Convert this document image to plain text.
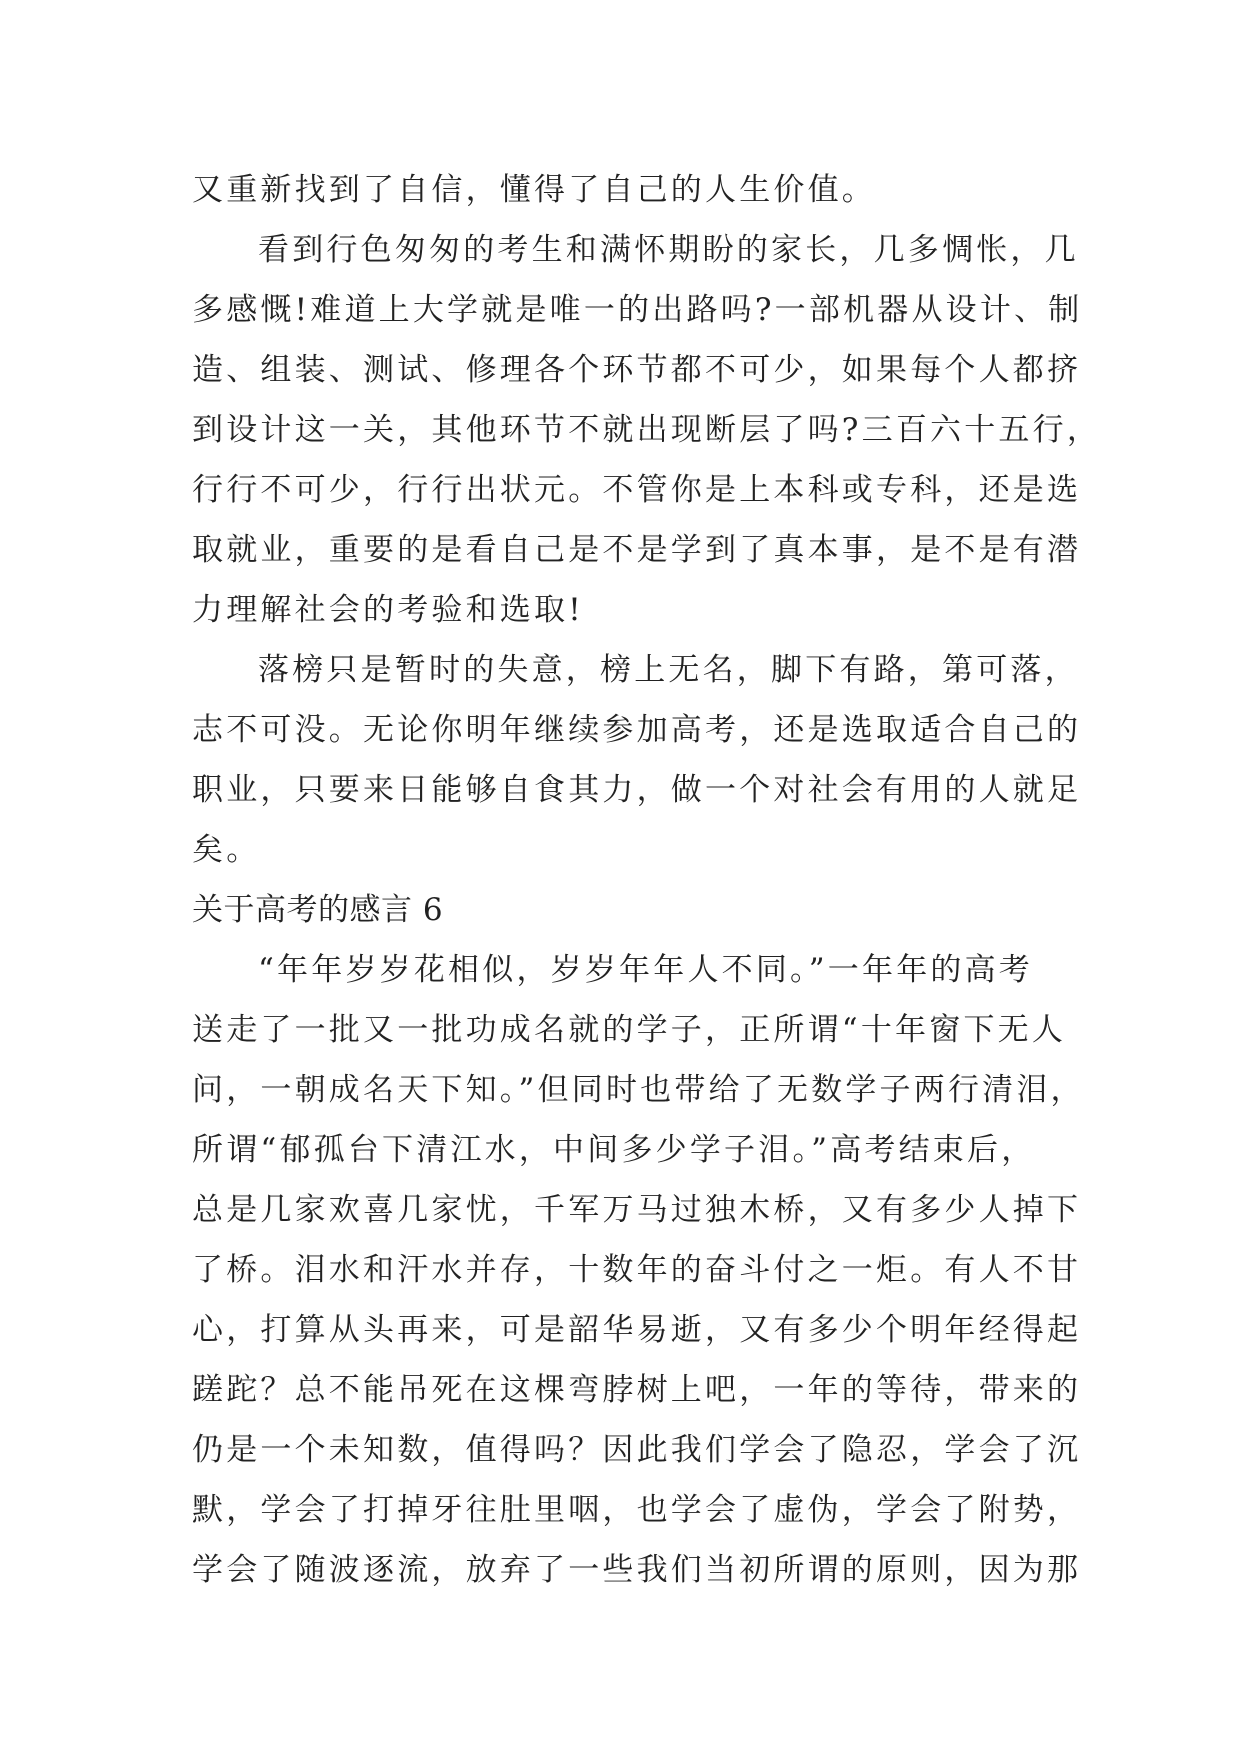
又重新找到了自信，懂得了自己的人生价值。
看到行色匆匆的考生和满怀期盼的家长，几多惆怅，几
多感慨!难道上大学就是唯一的出路吗?一部机器从设计、制
造、组装、测试、修理各个环节都不可少，如果每个人都挤
到设计这一关，其他环节不就出现断层了吗?三百六十五行，
行行不可少，行行出状元。不管你是上本科或专科，还是选
取就业，重要的是看自己是不是学到了真本事，是不是有潜
力理解社会的考验和选取!
落榜只是暂时的失意，榜上无名，脚下有路，第可落，
志不可没。无论你明年继续参加高考，还是选取适合自己的
职业，只要来日能够自食其力，做一个对社会有用的人就足
矣。
关于高考的感言 6
“年年岁岁花相似，岁岁年年人不同。”一年年的高考
送走了一批又一批功成名就的学子，正所谓“十年窗下无人
问，一朝成名天下知。”但同时也带给了无数学子两行清泪，
所谓“郁孤台下清江水，中间多少学子泪。”高考结束后，
总是几家欢喜几家忧，千军万马过独木桥，又有多少人掉下
了桥。泪水和汗水并存，十数年的奋斗付之一炬。有人不甘
心，打算从头再来，可是韶华易逝，又有多少个明年经得起
蹉跎？总不能吊死在这棵弯脖树上吧，一年的等待，带来的
仍是一个未知数，值得吗？因此我们学会了隐忍，学会了沉
默，学会了打掉牙往肚里咽，也学会了虚伪，学会了附势，
学会了随波逐流，放弃了一些我们当初所谓的原则，因为那
